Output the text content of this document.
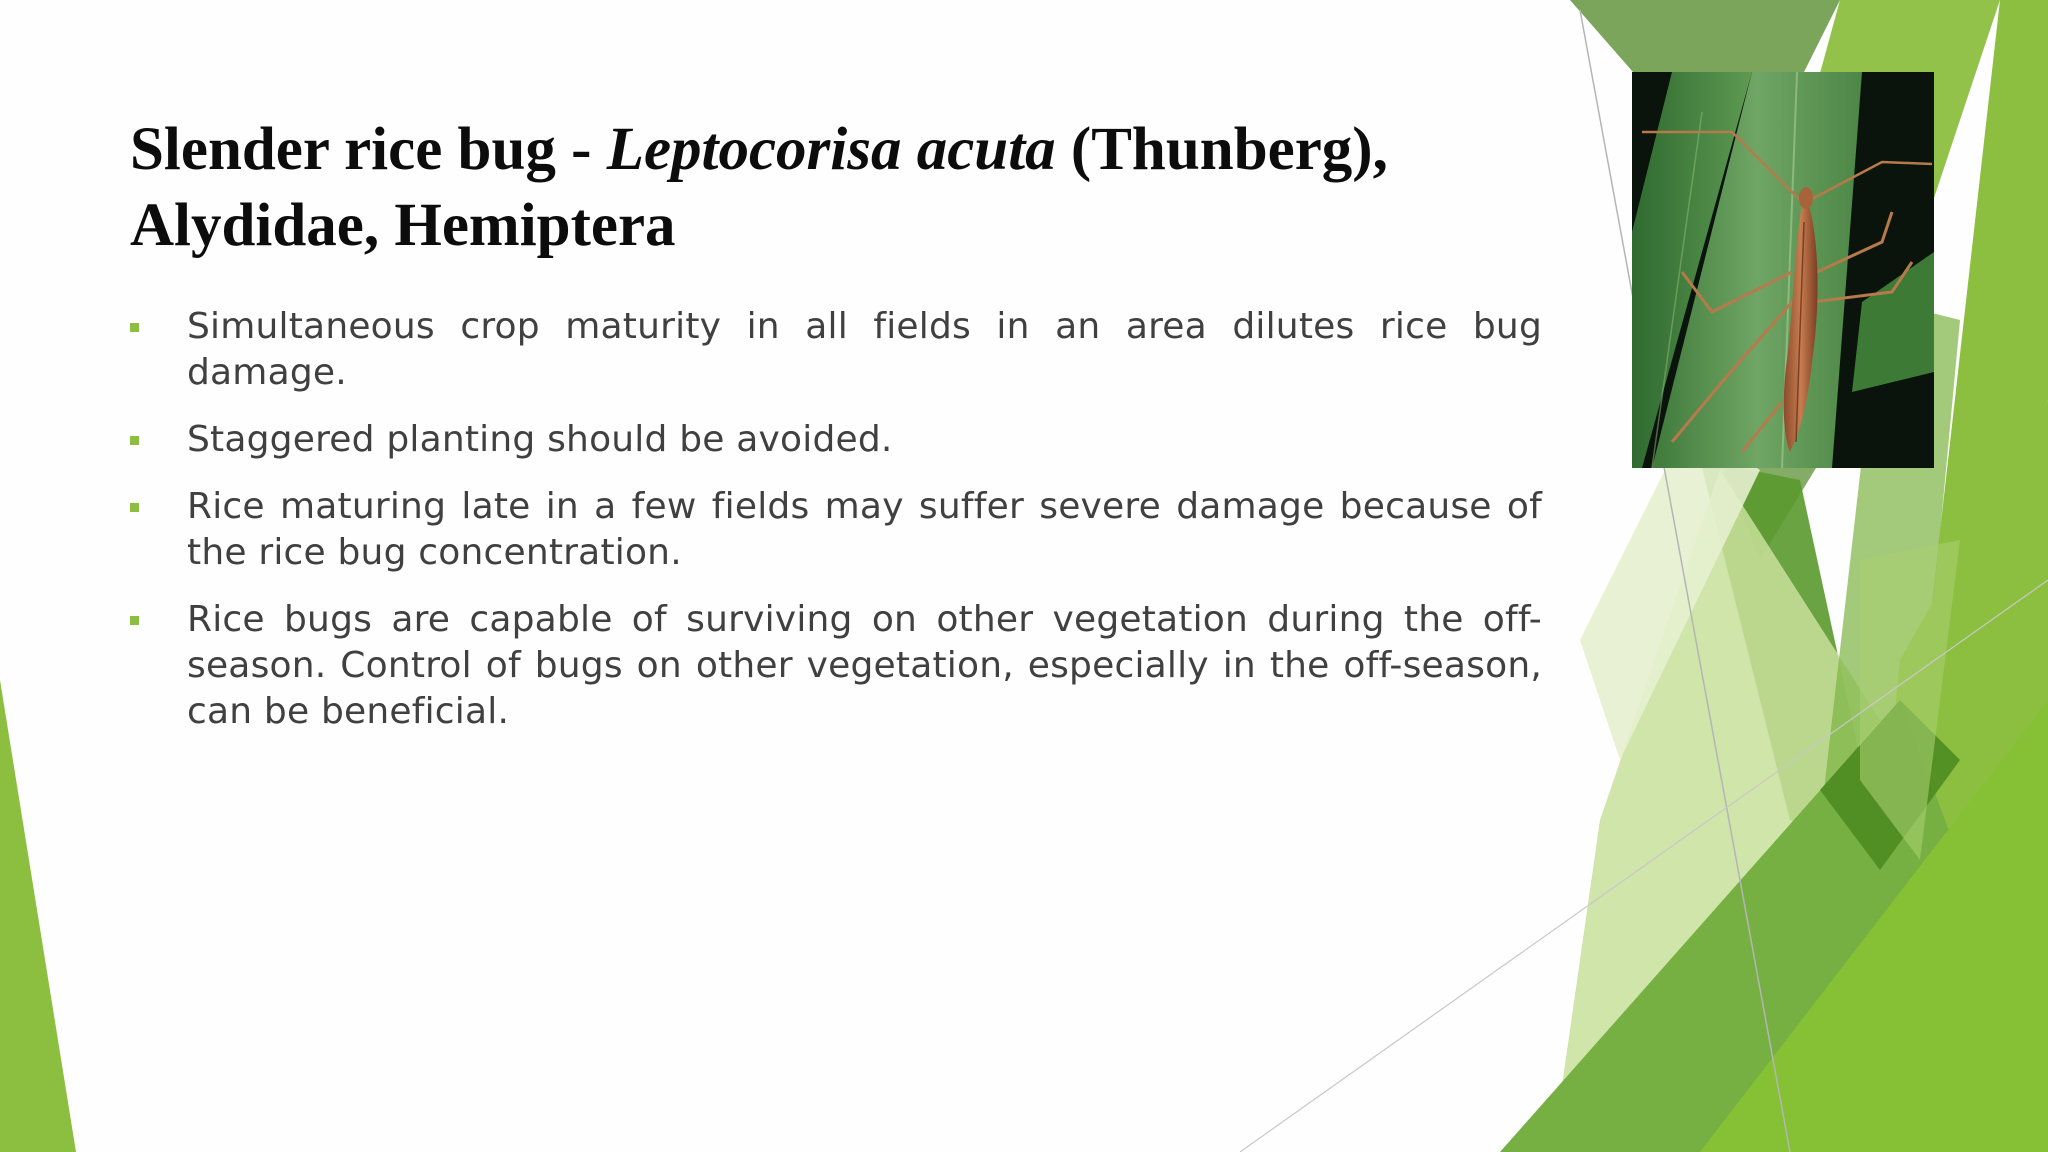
Slender rice bug - Leptocorisa acuta (Thunberg),
Alydidae, Hemiptera
Simultaneous crop maturity in all fields in an area dilutes rice bug damage.
Staggered planting should be avoided.
Rice maturing late in a few fields may suffer severe damage because of the rice bug concentration.
Rice bugs are capable of surviving on other vegetation during the off-season. Control of bugs on other vegetation, especially in the off-season, can be beneficial.
